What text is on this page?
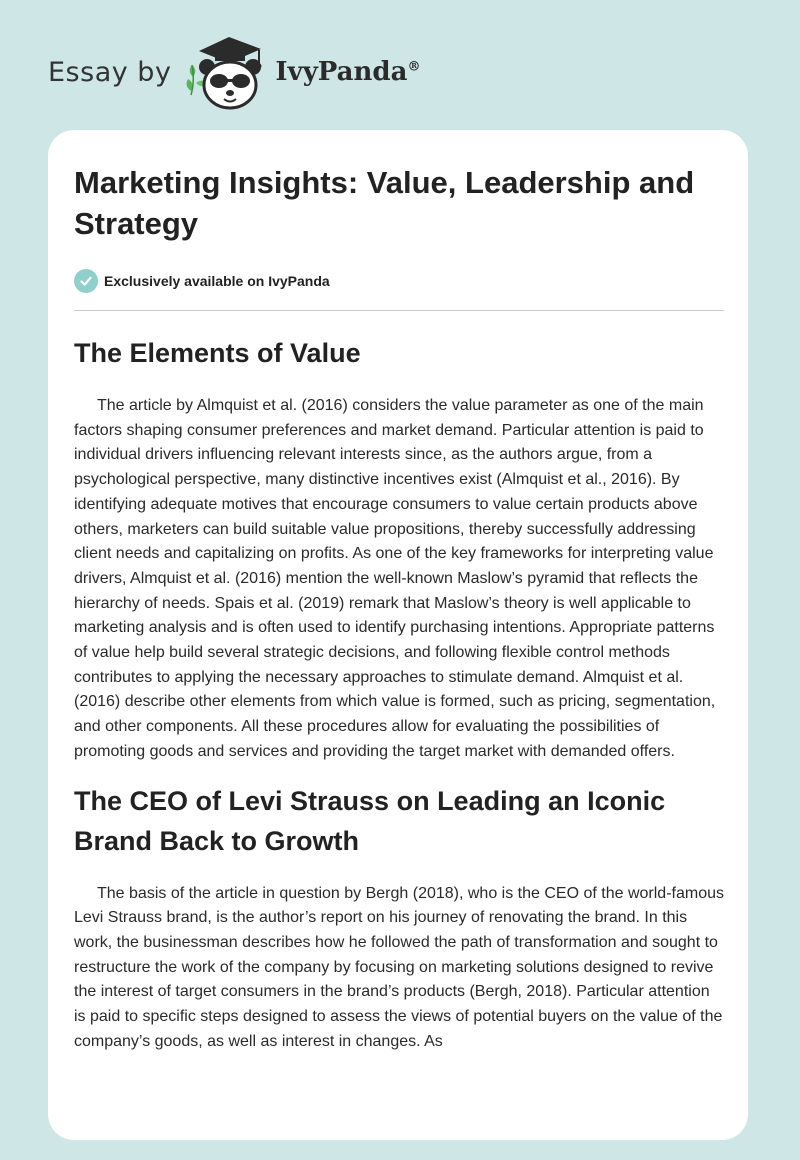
Essay by	IvyPanda®
Marketing Insights: Value, Leadership and Strategy
Exclusively available on IvyPanda
The Elements of Value

The article by Almquist et al. (2016) considers the value parameter as one of the main factors shaping consumer preferences and market demand. Particular attention is paid to individual drivers influencing relevant interests since, as the authors argue, from a psychological perspective, many distinctive incentives exist (Almquist et al., 2016). By identifying adequate motives that encourage consumers to value certain products above others, marketers can build suitable value propositions, thereby successfully addressing client needs and capitalizing on profits. As one of the key frameworks for interpreting value drivers, Almquist et al. (2016) mention the well-known Maslow’s pyramid that reflects the hierarchy of needs. Spais et al. (2019) remark that Maslow’s theory is well applicable to marketing analysis and is often used to identify purchasing intentions. Appropriate patterns of value help build several strategic decisions, and following flexible control methods contributes to applying the necessary approaches to stimulate demand. Almquist et al. (2016) describe other elements from which value is formed, such as pricing, segmentation, and other components. All these procedures allow for evaluating the possibilities of promoting goods and services and providing the target market with demanded offers.

The CEO of Levi Strauss on Leading an Iconic Brand Back to Growth

The basis of the article in question by Bergh (2018), who is the CEO of the world-famous Levi Strauss brand, is the author’s report on his journey of renovating the brand. In this work, the businessman describes how he followed the path of transformation and sought to restructure the work of the company by focusing on marketing solutions designed to revive the interest of target consumers in the brand’s products (Bergh, 2018). Particular attention is paid to specific steps designed to assess the views of potential buyers on the value of the company’s goods, as well as interest in changes. As
